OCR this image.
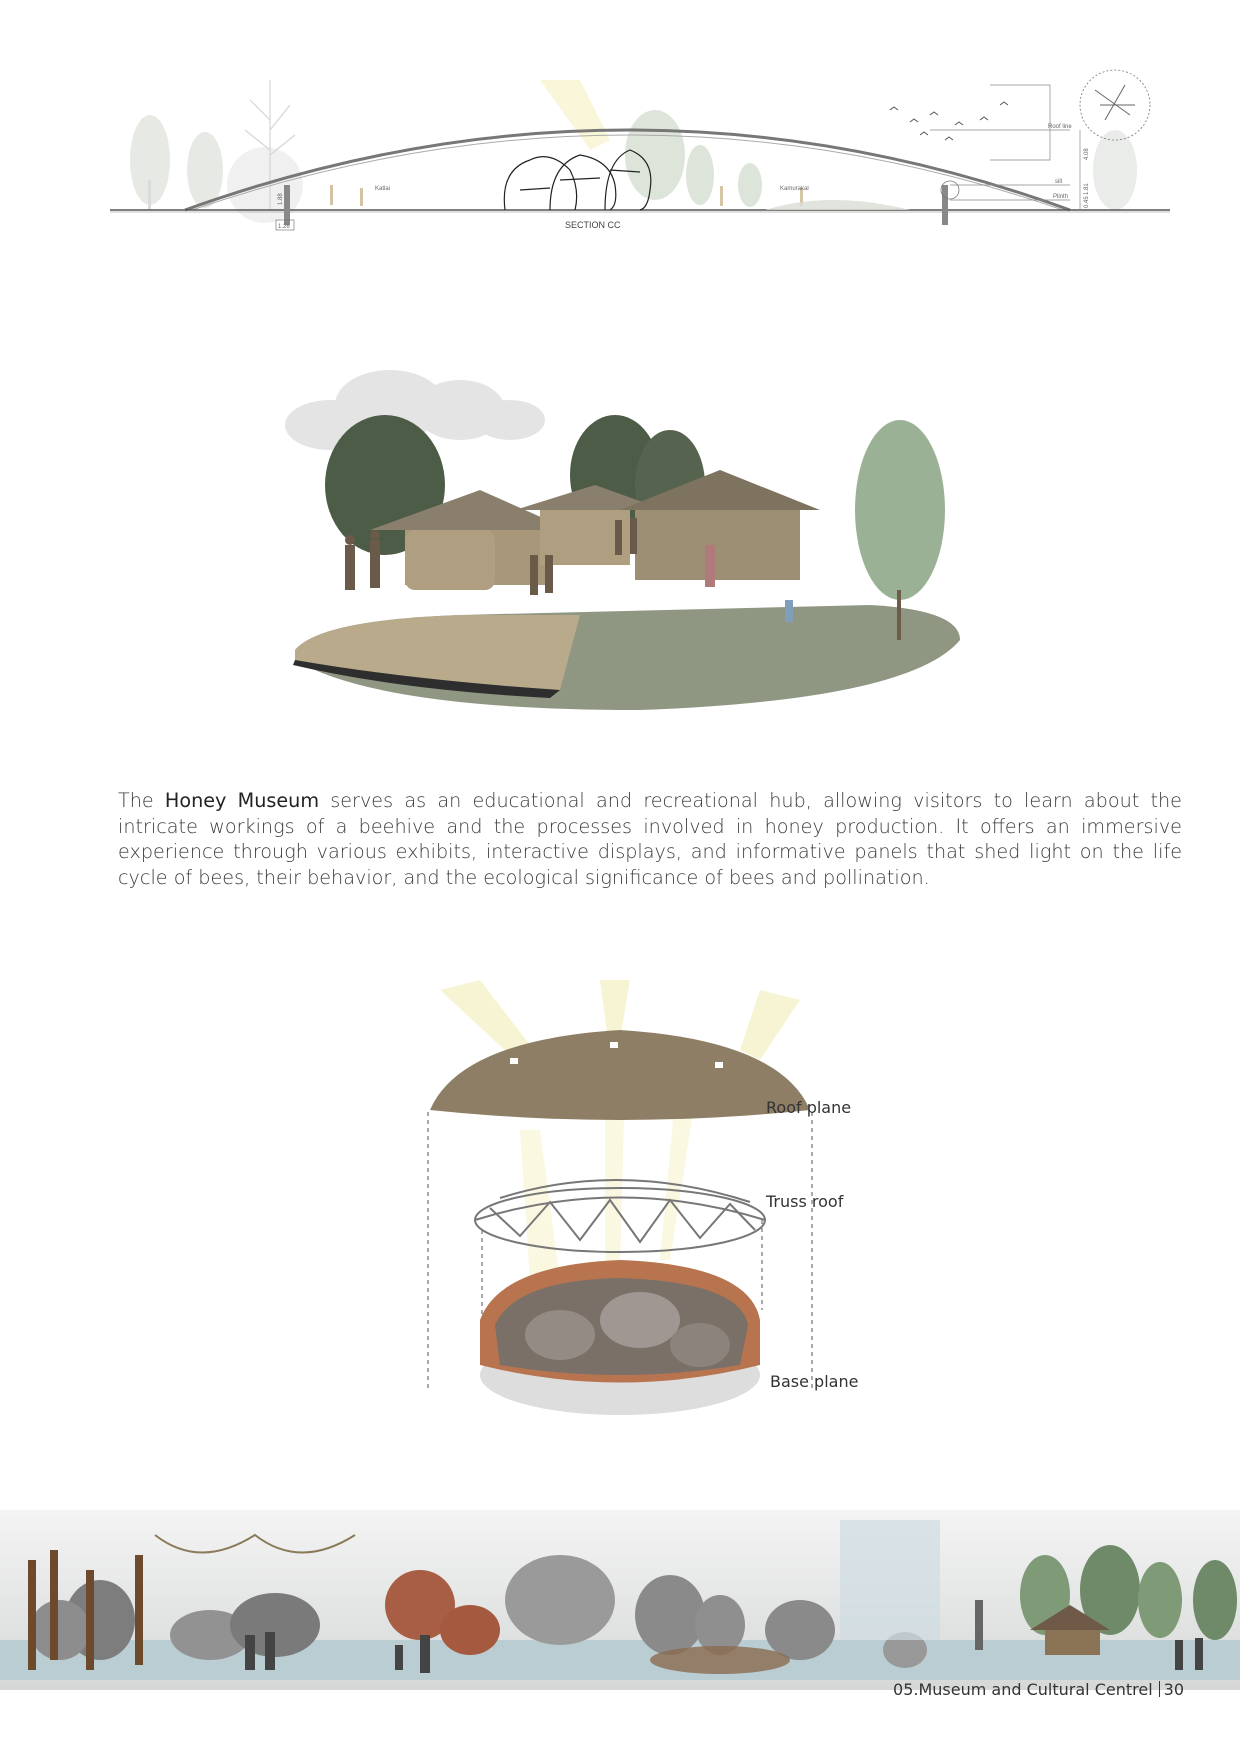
SECTION CC
Katlai	Kamurakal
Roof line
sill
Plinth
4.08
1.81
0.45
1.88
1.26
The Honey Museum serves as an educational and recreational hub, allowing visitors to learn about the intricate workings of a beehive and the processes involved in honey production. It offers an immersive experience through various exhibits, interactive displays, and informative panels that shed light on the life cycle of bees, their behavior, and the ecological significance of bees and pollination.
Roof plane
Truss roof
Base plane
05.Museum and Cultural Centrel 30
